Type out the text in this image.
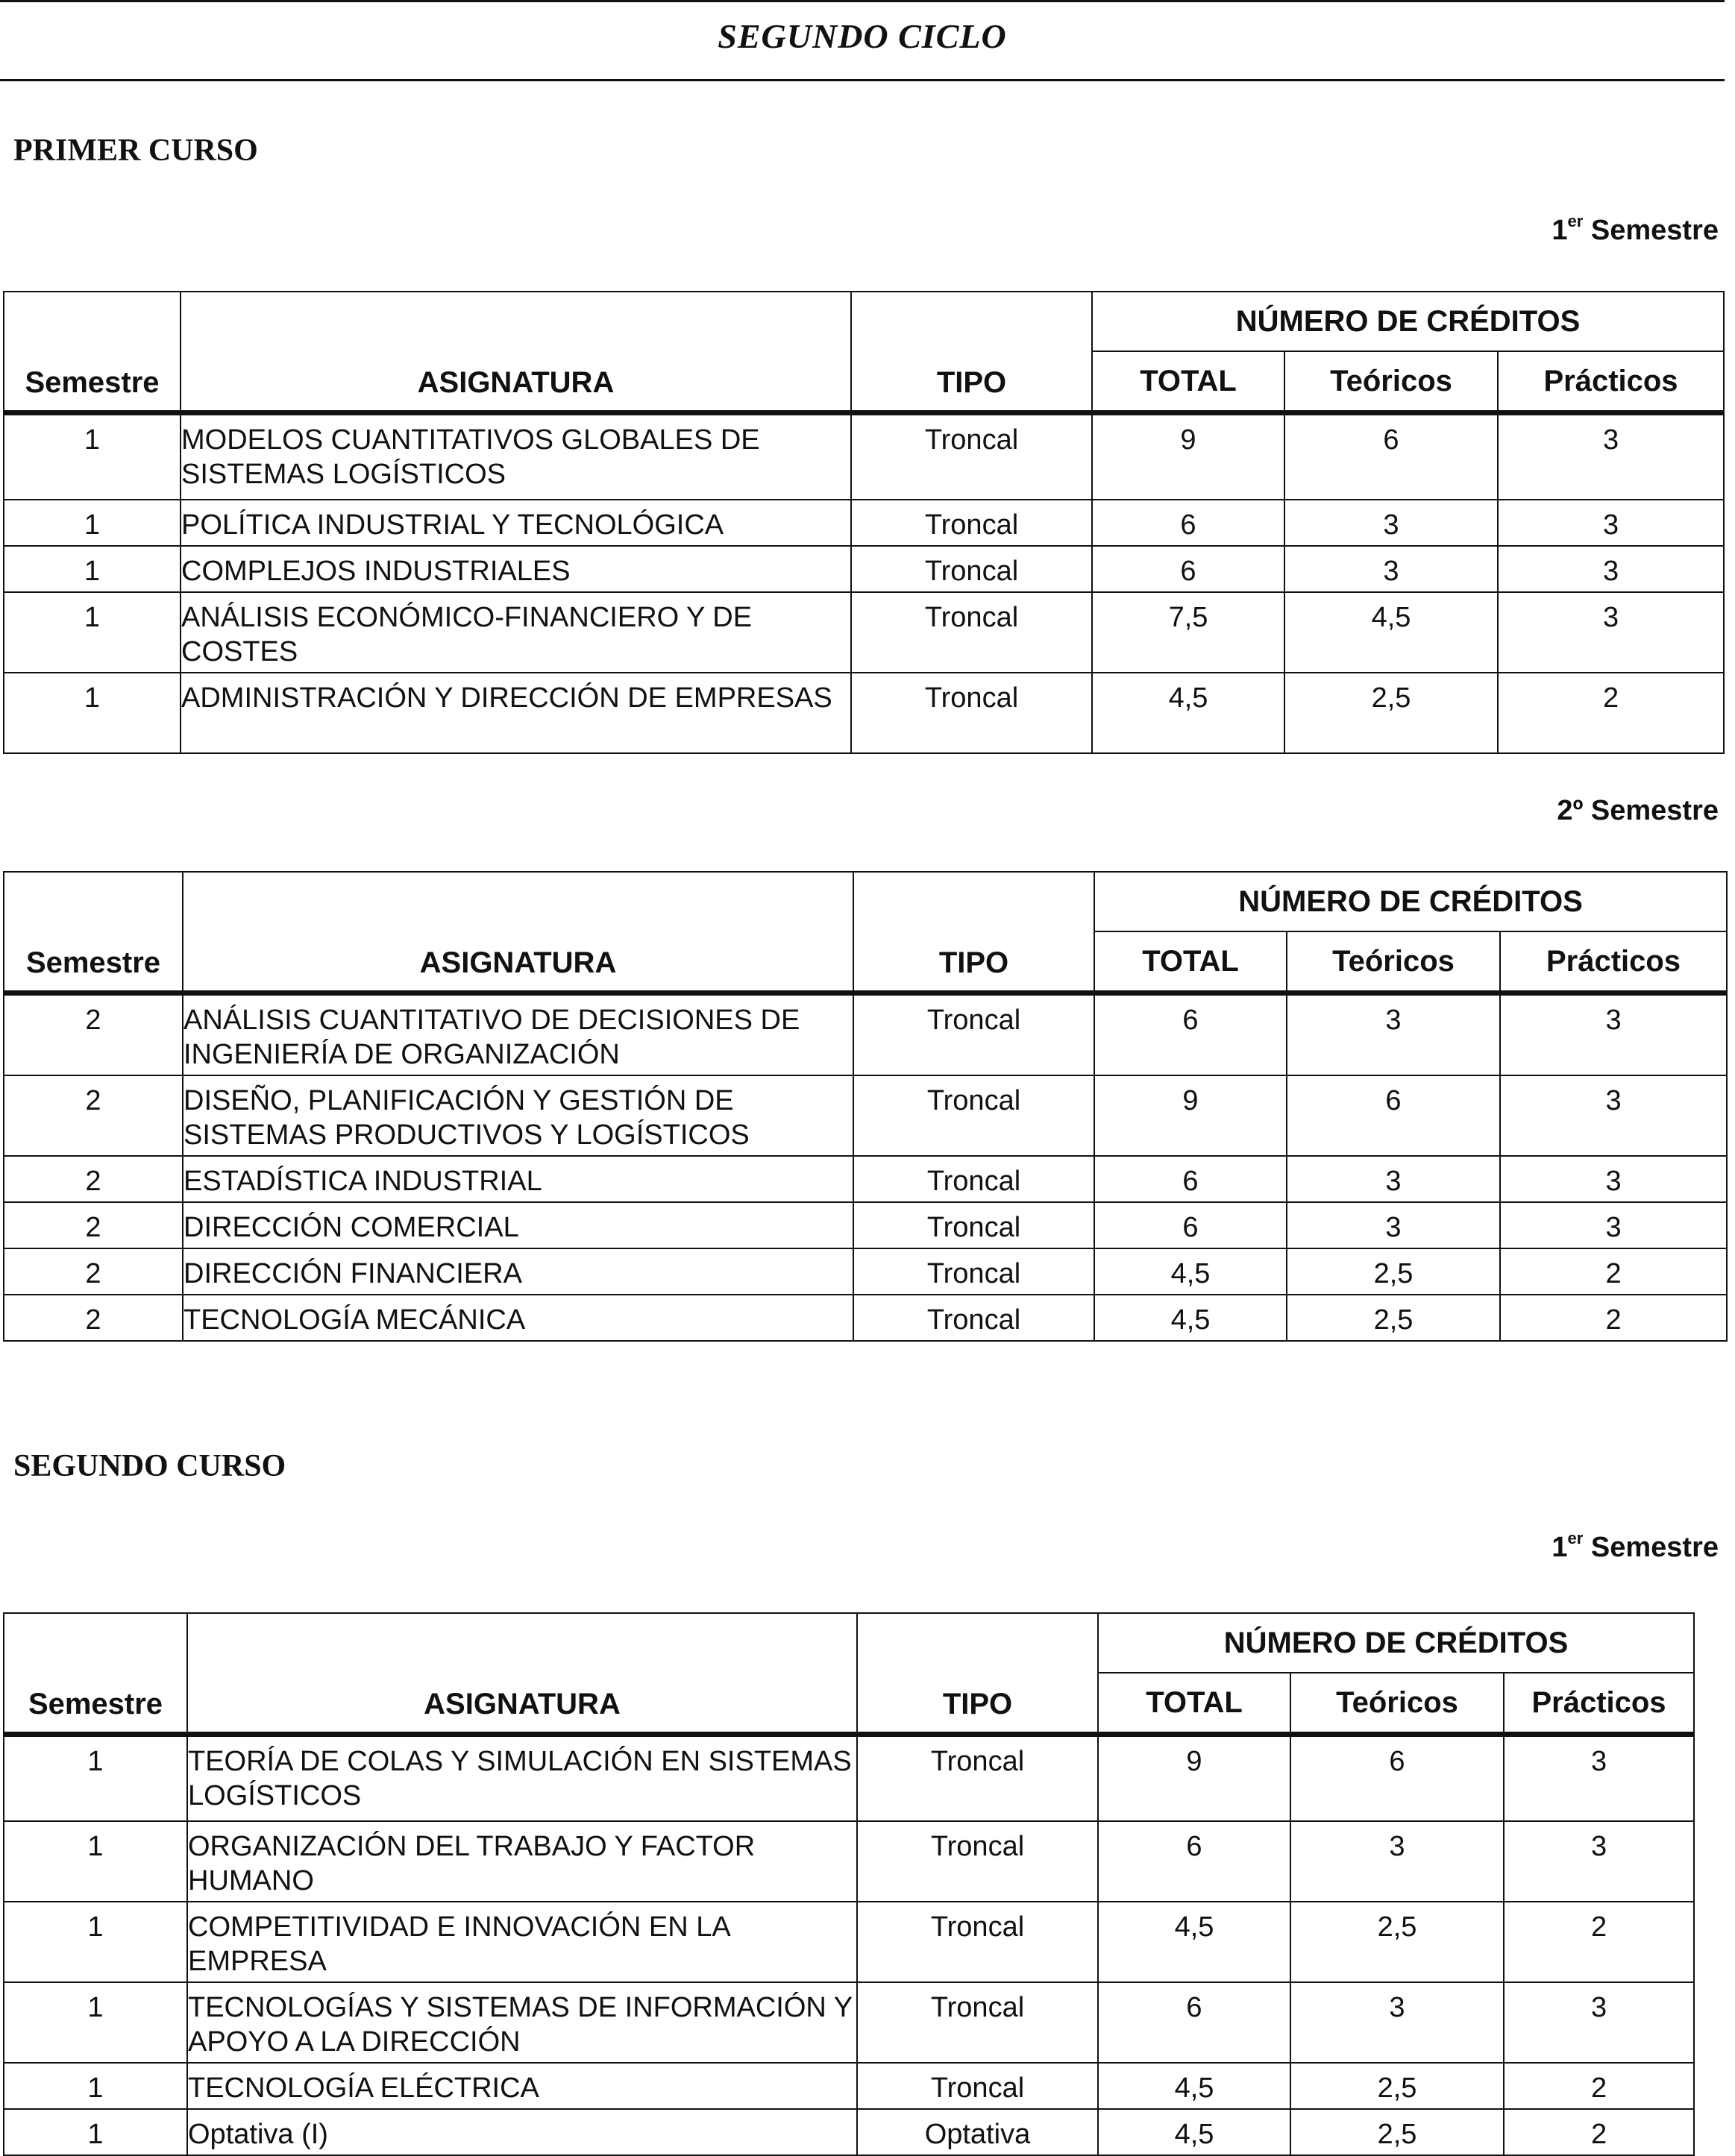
SEGUNDO CICLO
PRIMER CURSO
1er Semestre
Semestre	ASIGNATURA	TIPO	NÚMERO DE CRÉDITOS		
			TOTAL	Teóricos	Prácticos
1	MODELOS CUANTITATIVOS GLOBALES DE SISTEMAS LOGÍSTICOS	Troncal	9	6	3
1	POLÍTICA INDUSTRIAL Y TECNOLÓGICA	Troncal	6	3	3
1	COMPLEJOS INDUSTRIALES	Troncal	6	3	3
1	ANÁLISIS ECONÓMICO-FINANCIERO Y DE COSTES	Troncal	7,5	4,5	3
1	ADMINISTRACIÓN Y DIRECCIÓN DE EMPRESAS	Troncal	4,5	2,5	2
2º Semestre
Semestre	ASIGNATURA	TIPO	NÚMERO DE CRÉDITOS		
			TOTAL	Teóricos	Prácticos
2	ANÁLISIS CUANTITATIVO DE DECISIONES DE INGENIERÍA DE ORGANIZACIÓN	Troncal	6	3	3
2	DISEÑO, PLANIFICACIÓN Y GESTIÓN DE SISTEMAS PRODUCTIVOS Y LOGÍSTICOS	Troncal	9	6	3
2	ESTADÍSTICA INDUSTRIAL	Troncal	6	3	3
2	DIRECCIÓN COMERCIAL	Troncal	6	3	3
2	DIRECCIÓN FINANCIERA	Troncal	4,5	2,5	2
2	TECNOLOGÍA MECÁNICA	Troncal	4,5	2,5	2
SEGUNDO CURSO
1er Semestre
Semestre	ASIGNATURA	TIPO	NÚMERO DE CRÉDITOS		
			TOTAL	Teóricos	Prácticos
1	TEORÍA DE COLAS Y SIMULACIÓN EN SISTEMAS LOGÍSTICOS	Troncal	9	6	3
1	ORGANIZACIÓN DEL TRABAJO Y FACTOR HUMANO	Troncal	6	3	3
1	COMPETITIVIDAD E INNOVACIÓN EN LA EMPRESA	Troncal	4,5	2,5	2
1	TECNOLOGÍAS Y SISTEMAS DE INFORMACIÓN Y APOYO A LA DIRECCIÓN	Troncal	6	3	3
1	TECNOLOGÍA ELÉCTRICA	Troncal	4,5	2,5	2
1	Optativa (I)	Optativa	4,5	2,5	2
